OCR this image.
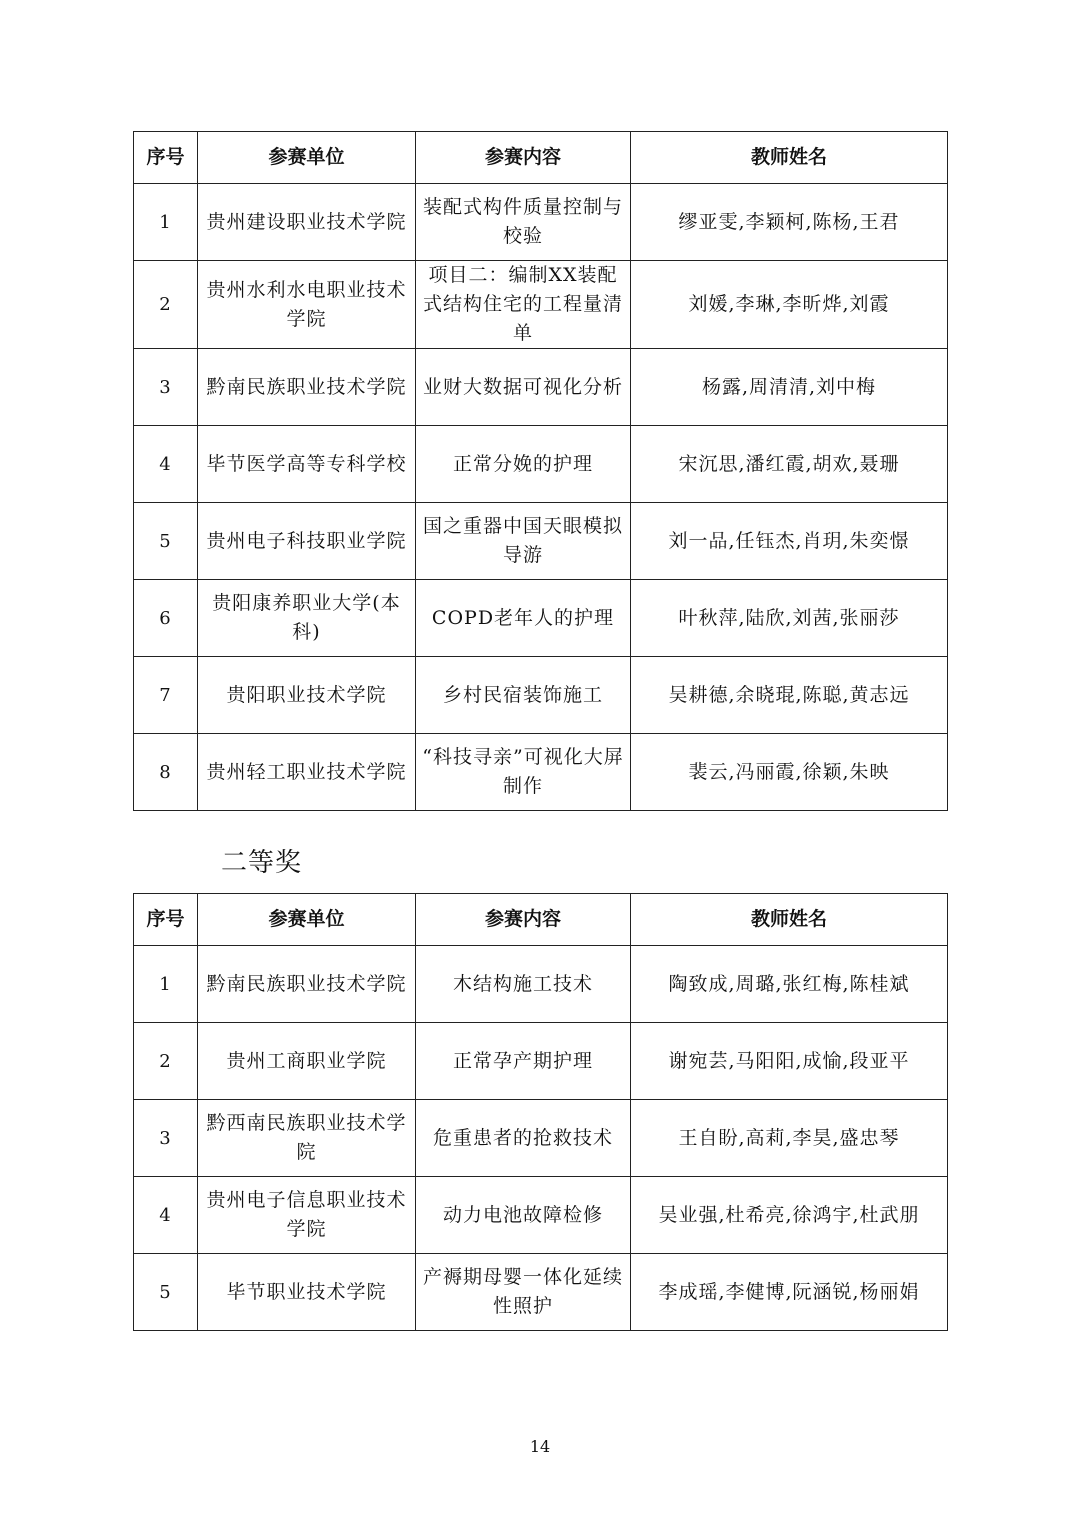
序号	参赛单位	参赛内容	教师姓名
1	贵州建设职业技术学院	装配式构件质量控制与校验	缪亚雯,李颖柯,陈杨,王君
2	贵州水利水电职业技术学院	项目二：编制XX装配式结构住宅的工程量清单	刘媛,李琳,李昕烨,刘霞
3	黔南民族职业技术学院	业财大数据可视化分析	杨露,周清清,刘中梅
4	毕节医学高等专科学校	正常分娩的护理	宋沉思,潘红霞,胡欢,聂珊
5	贵州电子科技职业学院	国之重器中国天眼模拟导游	刘一品,任钰杰,肖玥,朱奕憬
6	贵阳康养职业大学(本科)	COPD老年人的护理	叶秋萍,陆欣,刘茜,张丽莎
7	贵阳职业技术学院	乡村民宿装饰施工	吴耕德,余晓琨,陈聪,黄志远
8	贵州轻工职业技术学院	“科技寻亲”可视化大屏制作	裴云,冯丽霞,徐颖,朱映
二等奖
序号	参赛单位	参赛内容	教师姓名
1	黔南民族职业技术学院	木结构施工技术	陶致成,周璐,张红梅,陈桂斌
2	贵州工商职业学院	正常孕产期护理	谢宛芸,马阳阳,成愉,段亚平
3	黔西南民族职业技术学院	危重患者的抢救技术	王自盼,高莉,李昊,盛忠琴
4	贵州电子信息职业技术学院	动力电池故障检修	吴业强,杜希亮,徐鸿宇,杜武朋
5	毕节职业技术学院	产褥期母婴一体化延续性照护	李成瑶,李健博,阮涵锐,杨丽娟
14
